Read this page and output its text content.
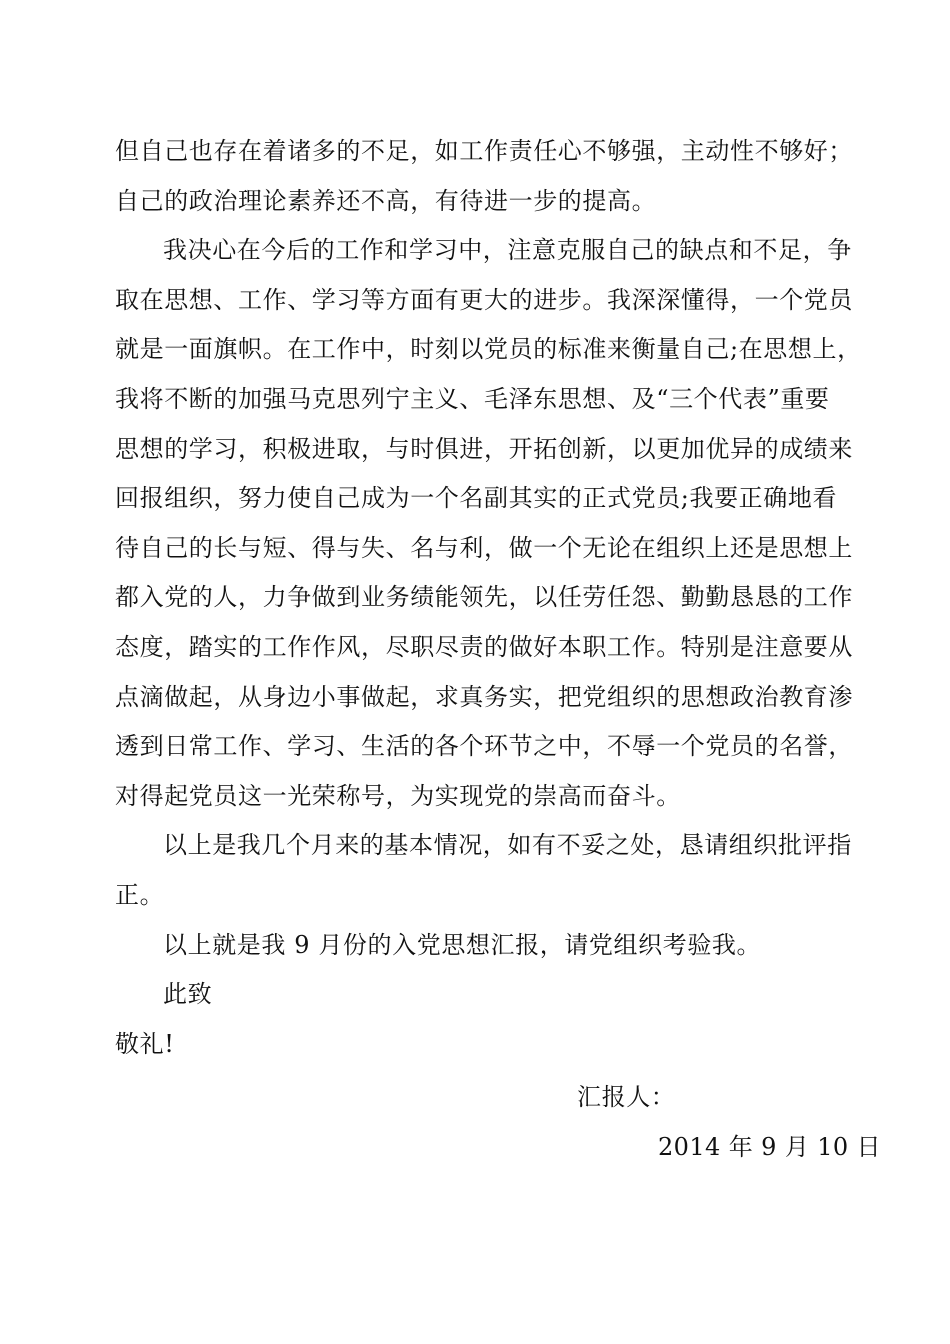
但自己也存在着诸多的不足，如工作责任心不够强，主动性不够好；
自己的政治理论素养还不高，有待进一步的提高。
我决心在今后的工作和学习中，注意克服自己的缺点和不足，争
取在思想、工作、学习等方面有更大的进步。我深深懂得，一个党员
就是一面旗帜。在工作中，时刻以党员的标准来衡量自己;在思想上，
我将不断的加强马克思列宁主义、毛泽东思想、及“三个代表”重要
思想的学习，积极进取，与时俱进，开拓创新，以更加优异的成绩来
回报组织，努力使自己成为一个名副其实的正式党员;我要正确地看
待自己的长与短、得与失、名与利，做一个无论在组织上还是思想上
都入党的人，力争做到业务绩能领先，以任劳任怨、勤勤恳恳的工作
态度，踏实的工作作风，尽职尽责的做好本职工作。特别是注意要从
点滴做起，从身边小事做起，求真务实，把党组织的思想政治教育渗
透到日常工作、学习、生活的各个环节之中，不辱一个党员的名誉，
对得起党员这一光荣称号，为实现党的崇高而奋斗。
以上是我几个月来的基本情况，如有不妥之处，恳请组织批评指
正。
以上就是我 9 月份的入党思想汇报，请党组织考验我。
此致
敬礼!
汇报人：
2014 年 9 月 10 日
